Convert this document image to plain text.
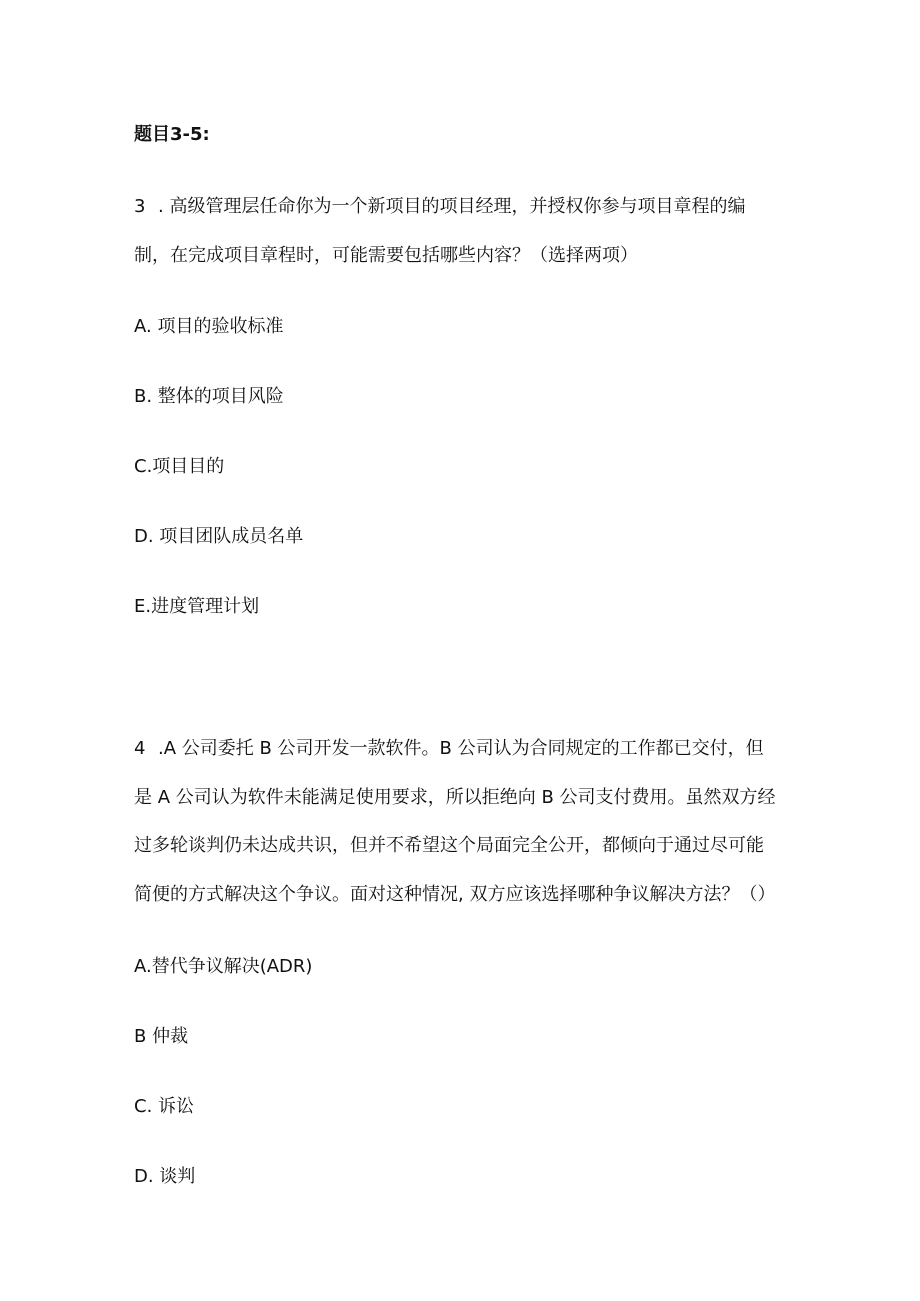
题目3-5:
3 . 高级管理层任命你为一个新项目的项目经理，并授权你参与项目章程的编
制，在完成项目章程时，可能需要包括哪些内容？（选择两项）
A. 项目的验收标准
B. 整体的项目风险
C.项目目的
D. 项目团队成员名单
E.进度管理计划
4 .A 公司委托 B 公司开发一款软件。B 公司认为合同规定的工作都已交付，但
是 A 公司认为软件未能满足使用要求，所以拒绝向 B 公司支付费用。虽然双方经
过多轮谈判仍未达成共识，但并不希望这个局面完全公开，都倾向于通过尽可能
简便的方式解决这个争议。面对这种情况, 双方应该选择哪种争议解决方法？（）
A.替代争议解决(ADR)
B 仲裁
C. 诉讼
D. 谈判
